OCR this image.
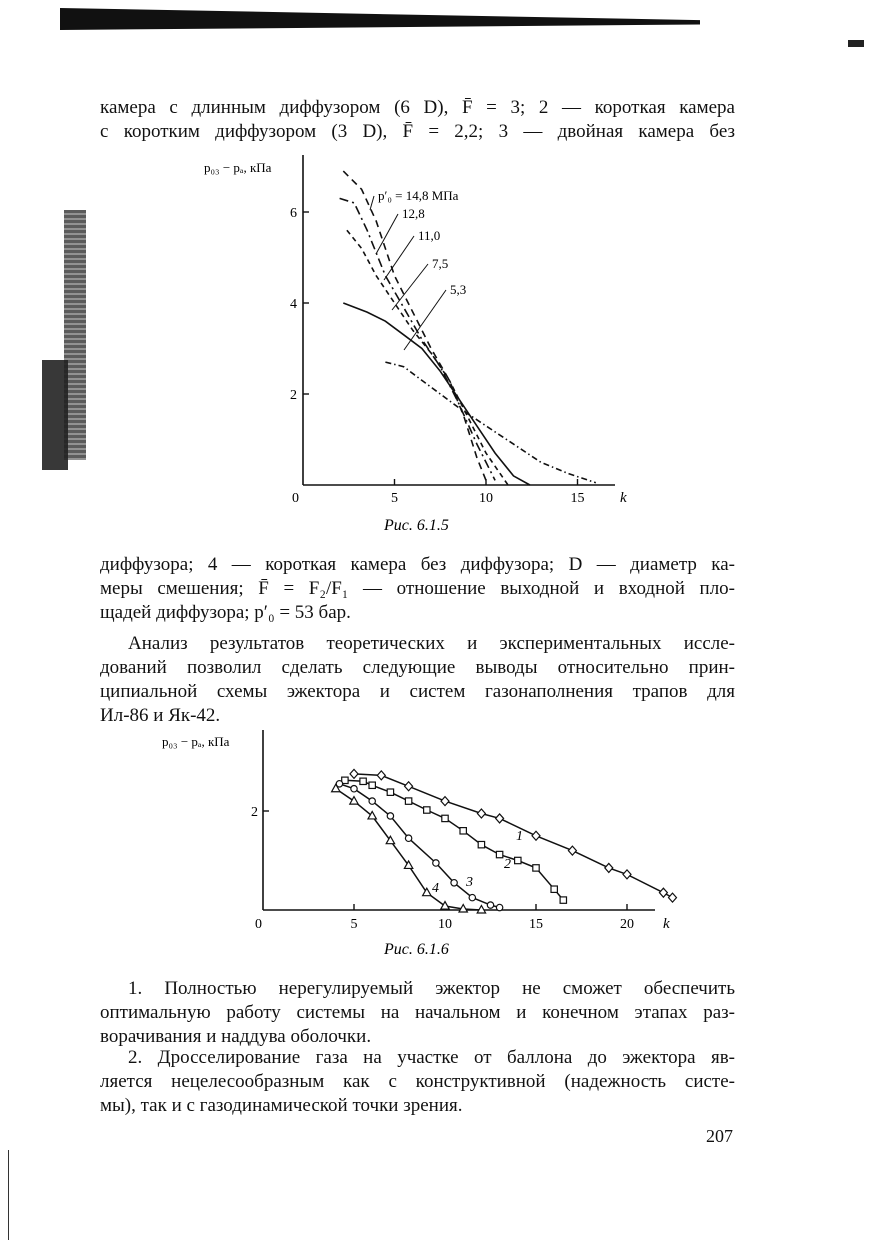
камера с длинным диффузором (6 D), F̄ = 3; 2 — короткая камера

с коротким диффузором (3 D), F̄ = 2,2; 3 — двойная камера без

p₀₃ − pₐ, кПа
0	k
5	10	15
2
4
6
p′₀ = 14,8 МПа
12,8
11,0
7,5
5,3
Рис. 6.1.5

диффузора; 4 — короткая камера без диффузора; D — диаметр ка-

меры смешения; F̄ = F₂/F₁ — отношение выходной и входной пло-

щадей диффузора; p′₀ = 53 бар.

Анализ результатов теоретических и экспериментальных иссле-

дований позволил сделать следующие выводы относительно прин-

ципиальной схемы эжектора и систем газонаполнения трапов для

Ил-86 и Як-42.

p₀₃ − pₐ, кПа
0	k
5	10	15	20
2
1
2
3
4
Рис. 6.1.6

1. Полностью нерегулируемый эжектор не сможет обеспечить

оптимальную работу системы на начальном и конечном этапах раз-

ворачивания и наддува оболочки.

2. Дросселирование газа на участке от баллона до эжектора яв-

ляется нецелесообразным как с конструктивной (надежность систе-

мы), так и с газодинамической точки зрения.

207
